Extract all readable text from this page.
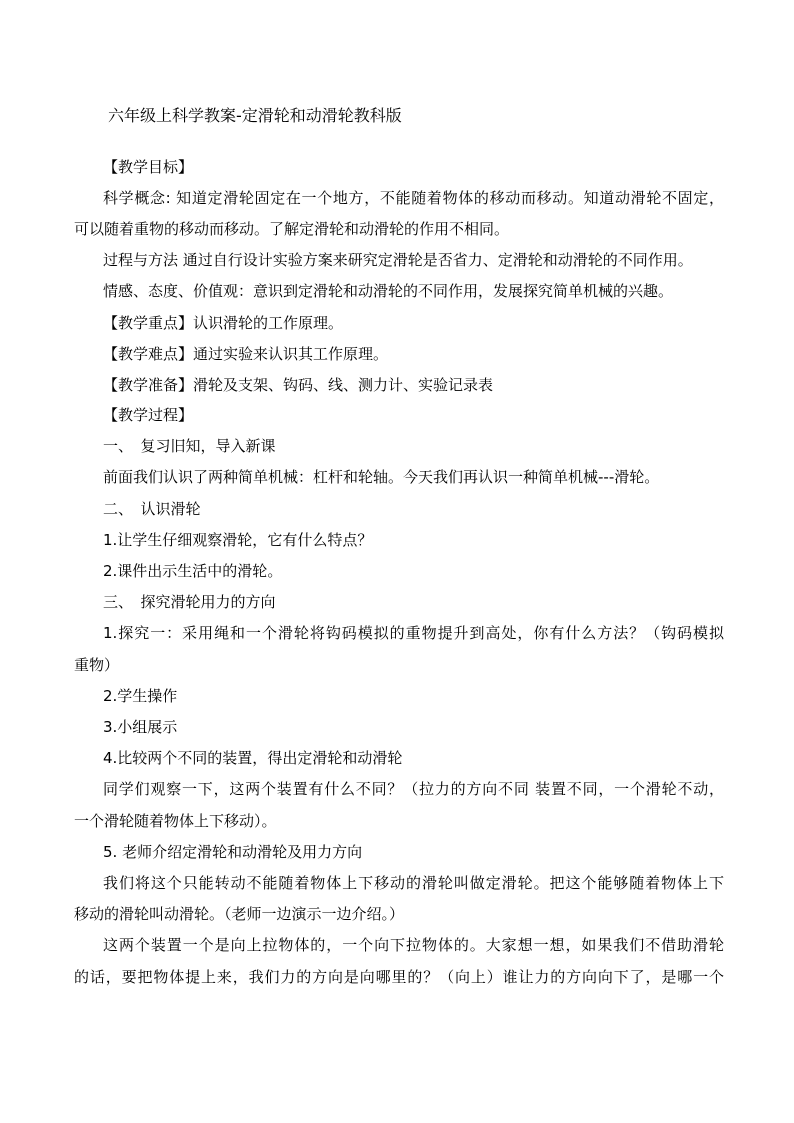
六年级上科学教案-定滑轮和动滑轮教科版
【教学目标】
科学概念: 知道定滑轮固定在一个地方，不能随着物体的移动而移动。知道动滑轮不固定，
可以随着重物的移动而移动。了解定滑轮和动滑轮的作用不相同。
过程与方法 通过自行设计实验方案来研究定滑轮是否省力、定滑轮和动滑轮的不同作用。
情感、态度、价值观：意识到定滑轮和动滑轮的不同作用，发展探究简单机械的兴趣。
【教学重点】认识滑轮的工作原理。
【教学难点】通过实验来认识其工作原理。
【教学准备】滑轮及支架、钩码、线、测力计、实验记录表
【教学过程】
一、　复习旧知，导入新课
前面我们认识了两种简单机械：杠杆和轮轴。今天我们再认识一种简单机械---滑轮。
二、　认识滑轮
1.让学生仔细观察滑轮，它有什么特点？
2.课件出示生活中的滑轮。
三、　探究滑轮用力的方向
1.探究一：采用绳和一个滑轮将钩码模拟的重物提升到高处，你有什么方法？（钩码模拟
重物）
2.学生操作
3.小组展示
4.比较两个不同的装置，得出定滑轮和动滑轮
同学们观察一下，这两个装置有什么不同？（拉力的方向不同 装置不同，一个滑轮不动，
一个滑轮随着物体上下移动）。
5. 老师介绍定滑轮和动滑轮及用力方向
我们将这个只能转动不能随着物体上下移动的滑轮叫做定滑轮。把这个能够随着物体上下
移动的滑轮叫动滑轮。（老师一边演示一边介绍。）
这两个装置一个是向上拉物体的，一个向下拉物体的。大家想一想，如果我们不借助滑轮
的话，要把物体提上来，我们力的方向是向哪里的？（向上）谁让力的方向向下了，是哪一个
